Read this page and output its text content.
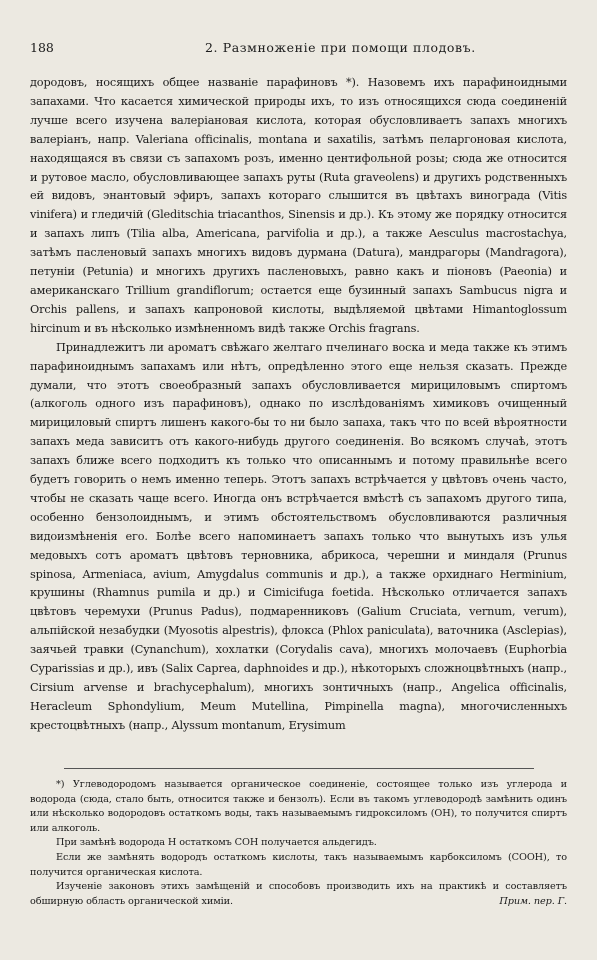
188	2. Размноженіе при помощи плодовъ.

дородовъ, носящихъ общее названіе парафиновъ *). Назовемъ ихъ парафиноидными запахами. Что касается химической природы ихъ, то изъ относящихся сюда соединеній лучше всего изучена валеріановая кислота, которая обусловливаетъ запахъ многихъ валеріанъ, напр. Valeriana officinalis, montana и saxatilis, затѣмъ пеларгоновая кислота, находящаяся въ связи съ запахомъ розъ, именно центифольной розы; сюда же относится и рутовое масло, обусловливающее запахъ руты (Ruta graveolens) и другихъ родственныхъ ей видовъ, энантовый эфиръ, запахъ котораго слышится въ цвѣтахъ винограда (Vitis vinifera) и гледичій (Gleditschia triacanthos, Sinensis и др.). Къ этому же порядку относится и запахъ липъ (Tilia alba, Americana, parvifolia и др.), а также Aesculus macrostachya, затѣмъ пасленовый запахъ многихъ видовъ дурмана (Datura), мандрагоры (Mandragora), петуніи (Petunia) и многихъ другихъ пасленовыхъ, равно какъ и піоновъ (Paeonia) и американскаго Trillium grandiflorum; остается еще бузинный запахъ Sambucus nigra и Orchis pallens, и запахъ капроновой кислоты, выдѣляемой цвѣтами Himantoglossum hircinum и въ нѣсколько измѣненномъ видѣ также Orchis fragrans.

Принадлежитъ ли ароматъ свѣжаго желтаго пчелинаго воска и меда также къ этимъ парафиноиднымъ запахамъ или нѣтъ, опредѣленно этого еще нельзя сказать. Прежде думали, что этотъ своеобразный запахъ обусловливается мирициловымъ спиртомъ (алкоголь одного изъ парафиновъ), однако по изслѣдованіямъ химиковъ очищенный мирициловый спиртъ лишенъ какого-бы то ни было запаха, такъ что по всей вѣроятности запахъ меда зависитъ отъ какого-нибудь другого соединенія. Во всякомъ случаѣ, этотъ запахъ ближе всего подходитъ къ только что описаннымъ и потому правильнѣе всего будетъ говорить о немъ именно теперь. Этотъ запахъ встрѣчается у цвѣтовъ очень часто, чтобы не сказать чаще всего. Иногда онъ встрѣчается вмѣстѣ съ запахомъ другого типа, особенно бензолоиднымъ, и этимъ обстоятельствомъ обусловливаются различныя видоизмѣненія его. Болѣе всего напоминаетъ запахъ только что вынутыхъ изъ улья медовыхъ сотъ ароматъ цвѣтовъ терновника, абрикоса, черешни и миндаля (Prunus spinosa, Armeniaca, avium, Amygdalus communis и др.), а также орхиднаго Herminium, крушины (Rhamnus pumila и др.) и Cimicifuga foetida. Нѣсколько отличается запахъ цвѣтовъ черемухи (Prunus Padus), подмаренниковъ (Galium Cruciata, vernum, verum), альпійской незабудки (Myosotis alpestris), флокса (Phlox paniculata), ваточника (Asclepias), заячьей травки (Cynanchum), хохлатки (Corydalis cava), многихъ молочаевъ (Euphorbia Cyparissias и др.), ивъ (Salix Caprea, daphnoides и др.), нѣкоторыхъ сложноцвѣтныхъ (напр., Cirsium arvense и brachycephalum), многихъ зонтичныхъ (напр., Angelica officinalis, Heracleum Sphondylium, Meum Mutellina, Pimpinella magna), многочисленныхъ крестоцвѣтныхъ (напр., Alyssum montanum, Erysimum

*) Углеводородомъ называется органическое соединеніе, состоящее только изъ углерода и водорода (сюда, стало быть, относится также и бензолъ). Если въ такомъ углеводородѣ замѣнить одинъ или нѣсколько водородовъ остаткомъ воды, такъ называемымъ гидроксиломъ (ОН), то получится спиртъ или алкоголь.

При замѣнѣ водорода Н остаткомъ СОН получается альдегидъ.

Если же замѣнять водородъ остаткомъ кислоты, такъ называемымъ карбоксиломъ (СООН), то получится органическая кислота.

Изученіе законовъ этихъ замѣщеній и способовъ производить ихъ на практикѣ и составляетъ обширную область органической химіи.	Прим. пер. Г.
